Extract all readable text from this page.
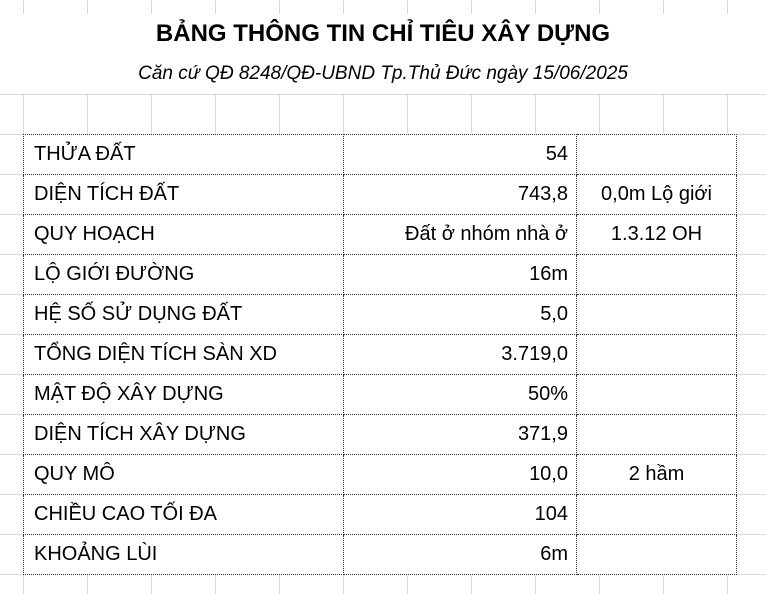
BẢNG THÔNG TIN CHỈ TIÊU XÂY DỰNG
Căn cứ QĐ 8248/QĐ-UBND Tp.Thủ Đức ngày 15/06/2025
THỬA ĐẤT	54	
DIỆN TÍCH ĐẤT	743,8	0,0m Lộ giới
QUY HOẠCH	Đất ở nhóm nhà ở	1.3.12 OH
LỘ GIỚI ĐƯỜNG	16m	
HỆ SỐ SỬ DỤNG ĐẤT	5,0	
TỔNG DIỆN TÍCH SÀN XD	3.719,0	
MẬT ĐỘ XÂY DỰNG	50%	
DIỆN TÍCH XÂY DỰNG	371,9	
QUY MÔ	10,0	2 hầm
CHIỀU CAO TỐI ĐA	104	
KHOẢNG LÙI	6m	
